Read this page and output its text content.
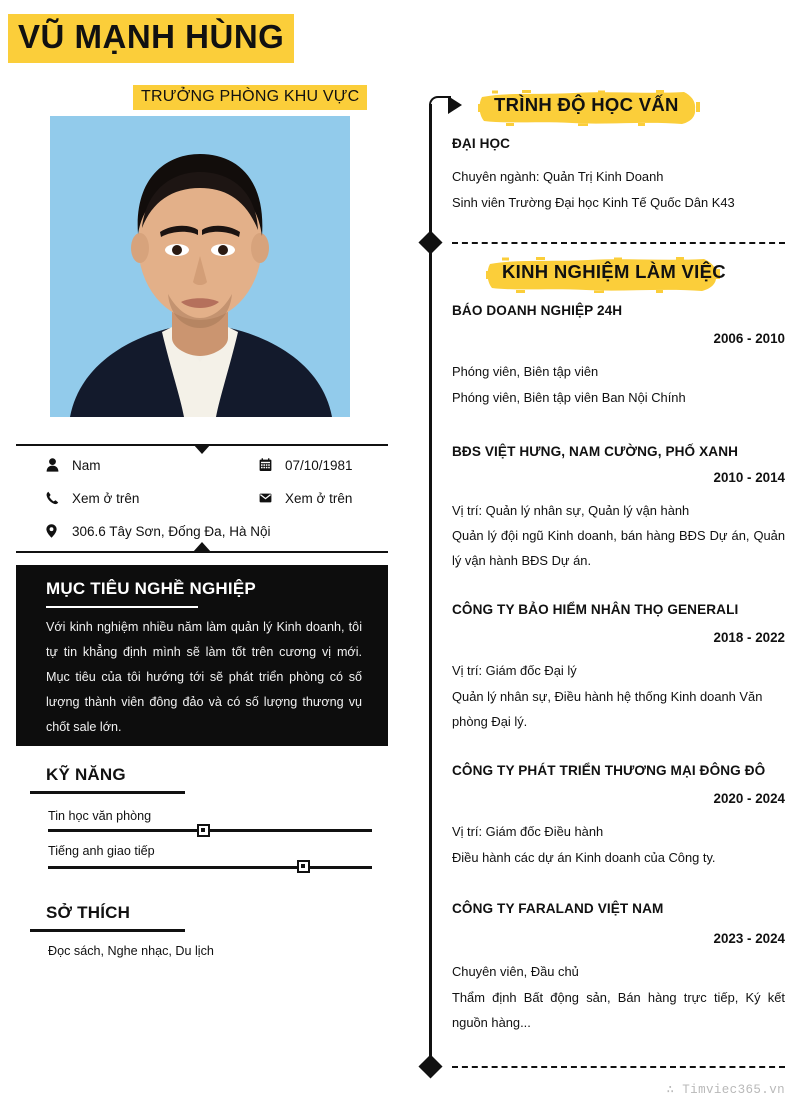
VŨ MẠNH HÙNG
TRƯỞNG PHÒNG KHU VỰC
Nam
Xem ở trên
306.6 Tây Sơn, Đống Đa, Hà Nội
07/10/1981
Xem ở trên
MỤC TIÊU NGHỀ NGHIỆP
Với kinh nghiệm nhiều năm làm quản lý Kinh doanh, tôi tự tin khẳng định mình sẽ làm tốt trên cương vị mới. Mục tiêu của tôi hướng tới sẽ phát triển phòng có số lượng thành viên đông đảo và có số lượng thương vụ chốt sale lớn.
KỸ NĂNG
Tin học văn phòng
Tiếng anh giao tiếp
SỞ THÍCH
Đọc sách, Nghe nhạc, Du lịch
TRÌNH ĐỘ HỌC VẤN
ĐẠI HỌC
Chuyên ngành: Quản Trị Kinh Doanh
Sinh viên Trường Đại học Kinh Tế Quốc Dân K43
KINH NGHIỆM LÀM VIỆC
BÁO DOANH NGHIỆP 24H
2006 - 2010
Phóng viên, Biên tập viên
Phóng viên, Biên tập viên Ban Nội Chính
BĐS VIỆT HƯNG, NAM CƯỜNG, PHỐ XANH
2010 - 2014
Vị trí: Quản lý nhân sự, Quản lý vận hành
Quản lý đội ngũ Kinh doanh, bán hàng BĐS Dự án, Quản lý vận hành BĐS Dự án.
CÔNG TY BẢO HIỂM NHÂN THỌ GENERALI
2018 - 2022
Vị trí: Giám đốc Đại lý
Quản lý nhân sự, Điều hành hệ thống Kinh doanh Văn phòng Đại lý.
CÔNG TY PHÁT TRIỂN THƯƠNG MẠI ĐÔNG ĐÔ
2020 - 2024
Vị trí: Giám đốc Điều hành
Điều hành các dự án Kinh doanh của Công ty.
CÔNG TY FARALAND VIỆT NAM
2023 - 2024
Chuyên viên, Đầu chủ
Thẩm định Bất động sản, Bán hàng trực tiếp, Ký kết nguồn hàng...
∴ Timviec365.vn
